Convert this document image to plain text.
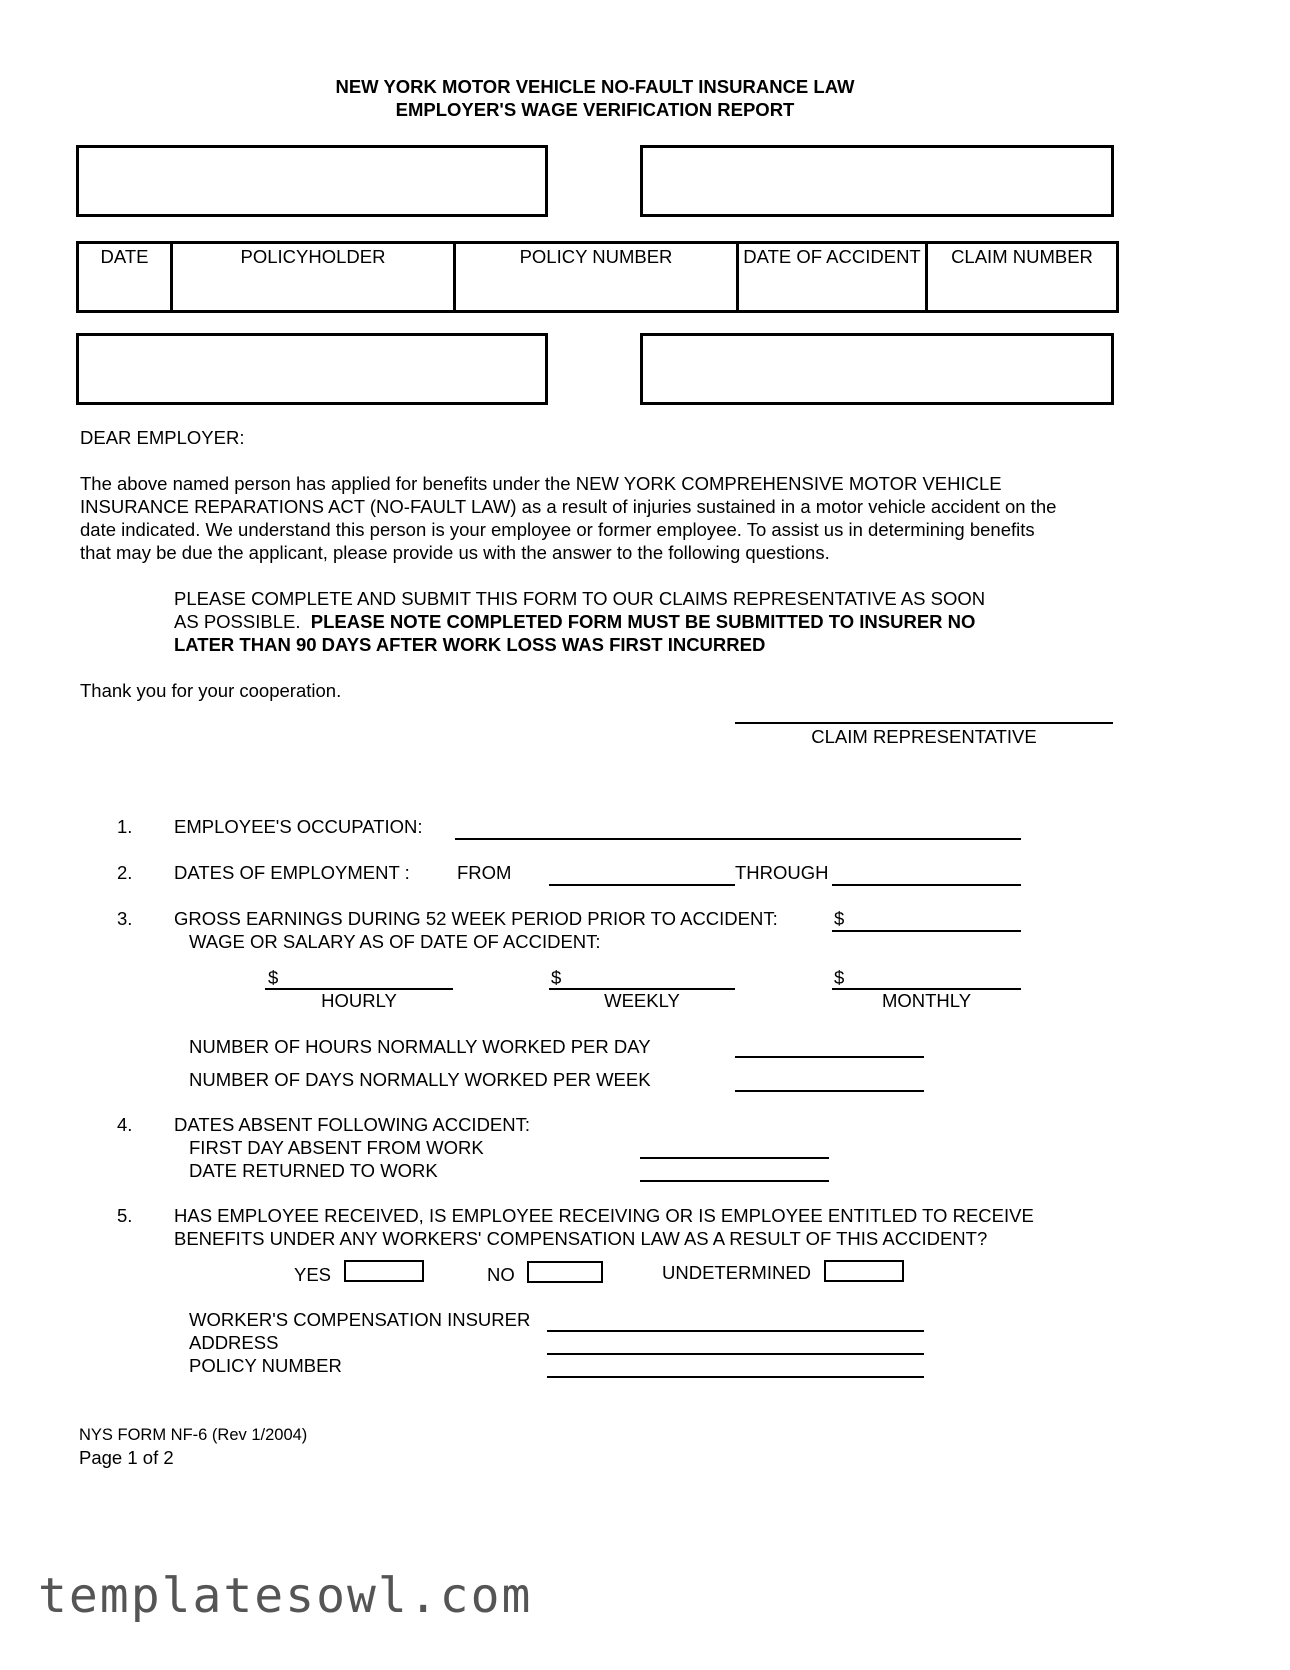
NEW YORK MOTOR VEHICLE NO-FAULT INSURANCE LAW
EMPLOYER'S WAGE VERIFICATION REPORT
DATE	POLICYHOLDER	POLICY NUMBER	DATE OF ACCIDENT	CLAIM NUMBER
DEAR EMPLOYER:
The above named person has applied for benefits under the NEW YORK COMPREHENSIVE MOTOR VEHICLE
INSURANCE REPARATIONS ACT (NO-FAULT LAW) as a result of injuries sustained in a motor vehicle accident on the
date indicated. We understand this person is your employee or former employee. To assist us in determining benefits
that may be due the applicant, please provide us with the answer to the following questions.
PLEASE COMPLETE AND SUBMIT THIS FORM TO OUR CLAIMS REPRESENTATIVE AS SOON
AS POSSIBLE. PLEASE NOTE COMPLETED FORM MUST BE SUBMITTED TO INSURER NO
LATER THAN 90 DAYS AFTER WORK LOSS WAS FIRST INCURRED
Thank you for your cooperation.
CLAIM REPRESENTATIVE
1. EMPLOYEE'S OCCUPATION:
2. DATES OF EMPLOYMENT :	FROM	THROUGH
3. GROSS EARNINGS DURING 52 WEEK PERIOD PRIOR TO ACCIDENT:	$
WAGE OR SALARY AS OF DATE OF ACCIDENT:
$
HOURLY
$
WEEKLY
$
MONTHLY
NUMBER OF HOURS NORMALLY WORKED PER DAY
NUMBER OF DAYS NORMALLY WORKED PER WEEK
4. DATES ABSENT FOLLOWING ACCIDENT:
FIRST DAY ABSENT FROM WORK
DATE RETURNED TO WORK
5. HAS EMPLOYEE RECEIVED, IS EMPLOYEE RECEIVING OR IS EMPLOYEE ENTITLED TO RECEIVE
BENEFITS UNDER ANY WORKERS' COMPENSATION LAW AS A RESULT OF THIS ACCIDENT?
YES	NO	UNDETERMINED
WORKER'S COMPENSATION INSURER
ADDRESS
POLICY NUMBER
NYS FORM NF-6 (Rev 1/2004)
Page 1 of 2
templatesowl.com
